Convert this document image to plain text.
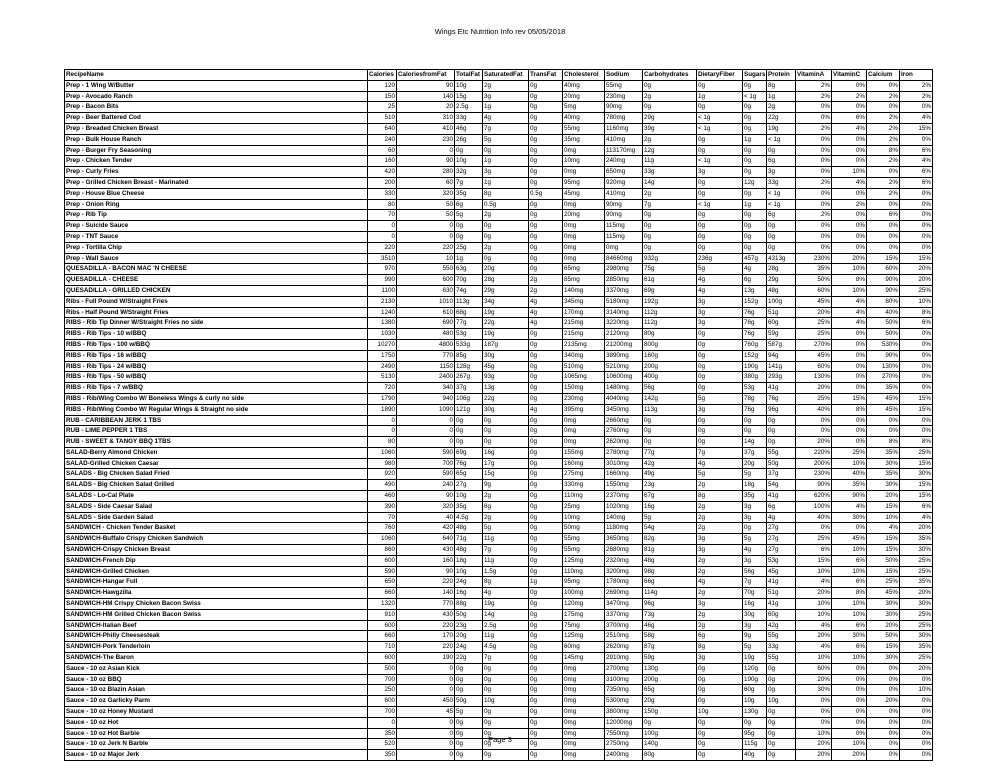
Wings Etc Nutrition Info rev 05/05/2018
RecipeName	Calories	CaloriesfromFat	TotalFat	SaturatedFat	TransFat	Cholesterol	Sodium	Carbohydrates	DietaryFiber	Sugars	Protein	VitaminA	VitaminC	Calcium	Iron
Prep - 1 Wing W/Butter	120	90	10g	2g	0g	40mg	55mg	0g	0g	0g	8g	2%	0%	0%	2%
Prep - Avocado Ranch	150	140	15g	3g	0g	20mg	230mg	2g	1g	< 1g	1g	2%	2%	2%	2%
Prep - Bacon Bits	25	20	2.5g	1g	0g	5mg	90mg	0g	0g	0g	2g	0%	0%	0%	0%
Prep - Beer Battered Cod	510	310	33g	4g	0g	40mg	780mg	29g	< 1g	0g	22g	0%	6%	2%	4%
Prep - Breaded Chicken Breast	640	410	46g	7g	0g	55mg	1160mg	39g	< 1g	0g	19g	2%	4%	2%	15%
Prep - Bulk House Ranch	240	230	26g	5g	0g	35mg	410mg	2g	0g	1g	< 1g	0%	0%	2%	0%
Prep - Burger Fry Seasoning	60	0	0g	0g	0g	0mg	113170mg	12g	0g	0g	0g	0%	0%	8%	6%
Prep - Chicken Tender	160	90	10g	1g	0g	10mg	240mg	11g	< 1g	0g	6g	0%	0%	2%	4%
Prep - Curly Fries	420	280	32g	3g	0g	0mg	650mg	33g	3g	0g	3g	0%	10%	0%	6%
Prep - Grilled Chicken Breast - Marinated	200	60	7g	1g	0g	95mg	920mg	14g	0g	12g	33g	2%	4%	2%	6%
Prep - House Blue Cheese	330	320	35g	8g	0.5g	45mg	410mg	2g	0g	0g	< 1g	0%	0%	2%	0%
Prep - Onion Ring	80	50	6g	0.5g	0g	0mg	90mg	7g	< 1g	1g	< 1g	0%	2%	0%	0%
Prep - Rib Tip	70	50	5g	2g	0g	20mg	90mg	0g	0g	0g	6g	2%	0%	6%	0%
Prep - Suicide Sauce	0	0	0g	0g	0g	0mg	115mg	0g	0g	0g	0g	0%	0%	0%	0%
Prep - TNT Sauce	0	0	0g	0g	0g	0mg	115mg	0g	0g	0g	0g	0%	0%	0%	0%
Prep - Tortilla Chip	220	220	25g	2g	0g	0mg	0mg	0g	0g	0g	0g	0%	0%	0%	0%
Prep - Wall Sauce	3510	10	1g	0g	0g	0mg	84660mg	932g	236g	457g	4313g	230%	20%	15%	15%
QUESADILLA - BACON MAC 'N CHEESE	970	550	63g	20g	0g	65mg	2980mg	75g	5g	4g	28g	35%	10%	60%	20%
QUESADILLA - CHEESE	990	600	70g	28g	2g	85mg	2850mg	61g	4g	6g	29g	50%	8%	90%	20%
QUESADILLA - GRILLED CHICKEN	1100	630	74g	29g	2g	140mg	3370mg	69g	4g	13g	48g	60%	10%	90%	25%
Ribs - Full Pound W/Straight Fries	2130	1010	113g	34g	4g	345mg	5180mg	192g	3g	152g	100g	45%	4%	80%	10%
Ribs - Half Pound W/Straight Fries	1240	610	68g	19g	4g	170mg	3140mg	112g	3g	76g	51g	20%	4%	40%	8%
RIBS - Rib Tip Dinner W/Straight Fries no side	1380	690	77g	22g	4g	215mg	3220mg	112g	3g	76g	60g	25%	4%	50%	6%
RIBS - Rib Tips - 10 w/BBQ	1030	480	53g	19g	0g	215mg	2120mg	80g	0g	76g	59g	25%	0%	50%	0%
RIBS - Rib Tips - 100 w/BBQ	10270	4800	533g	187g	0g	2135mg	21200mg	800g	0g	760g	587g	270%	0%	530%	0%
RIBS - Rib Tips - 16 w/BBQ	1750	770	85g	30g	0g	340mg	3890mg	160g	0g	152g	94g	45%	0%	90%	0%
RIBS - Rib Tips - 24 w/BBQ	2490	1150	128g	45g	0g	510mg	5210mg	200g	0g	190g	141g	60%	0%	130%	0%
RIBS - Rib Tips - 50 w/BBQ	5130	2400	267g	93g	0g	1065mg	10600mg	400g	0g	380g	293g	130%	0%	270%	0%
RIBS - Rib Tips - 7 w/BBQ	720	340	37g	13g	0g	150mg	1480mg	56g	0g	53g	41g	20%	0%	35%	0%
RIBS - Rib/Wing Combo W/ Boneless Wings & curly no side	1790	940	106g	22g	0g	230mg	4040mg	142g	5g	78g	76g	25%	15%	45%	15%
RIBS - Rib/Wing Combo W/ Regular Wings & Straight no side	1890	1090	121g	30g	4g	395mg	3450mg	113g	3g	76g	96g	40%	8%	45%	15%
RUB - CARIBBEAN JERK 1 TBS	0	0	0g	0g	0g	0mg	2660mg	0g	0g	0g	0g	0%	0%	0%	0%
RUB - LIME PEPPER 1 TBS	0	0	0g	0g	0g	0mg	2760mg	0g	0g	0g	0g	0%	0%	0%	0%
RUB - SWEET & TANGY BBQ 1TBS	80	0	0g	0g	0g	0mg	2620mg	0g	0g	14g	0g	20%	0%	8%	8%
SALAD-Berry Almond Chicken	1060	590	69g	16g	0g	155mg	2780mg	77g	7g	37g	55g	220%	25%	35%	25%
SALAD-Grilled Chicken Caesar	980	700	76g	17g	0g	160mg	3010mg	42g	4g	20g	50g	200%	10%	30%	15%
SALADS - Big Chicken Salad Fried	920	590	65g	15g	0g	275mg	1660mg	49g	5g	5g	37g	230%	40%	35%	30%
SALADS - Big Chicken Salad Grilled	490	240	27g	9g	0g	330mg	1550mg	23g	2g	18g	54g	90%	35%	30%	15%
SALADS - Lo-Cal Plate	460	90	10g	2g	0g	110mg	2370mg	67g	8g	35g	41g	620%	90%	20%	15%
SALADS - Side Caesar Salad	390	320	35g	8g	0g	25mg	1020mg	16g	2g	3g	6g	100%	4%	15%	6%
SALADS - Side Garden Salad	70	40	4.5g	2g	0g	10mg	140mg	5g	2g	3g	4g	40%	30%	10%	4%
SANDWICH - Chicken Tender Basket	760	420	48g	5g	0g	50mg	1180mg	54g	2g	0g	27g	0%	0%	4%	20%
SANDWICH-Buffalo Crispy Chicken Sandwich	1060	640	71g	11g	0g	55mg	3650mg	82g	3g	5g	27g	25%	45%	15%	35%
SANDWICH-Crispy Chicken Breast	860	430	48g	7g	0g	55mg	2680mg	81g	3g	4g	27g	6%	10%	15%	30%
SANDWICH-French Dip	600	160	18g	11g	0g	125mg	2320mg	48g	2g	3g	53g	15%	6%	50%	25%
SANDWICH-Grilled Chicken	590	90	10g	1.5g	0g	110mg	3200mg	98g	2g	56g	45g	10%	10%	15%	25%
SANDWICH-Hangar Full	650	220	24g	8g	1g	95mg	1780mg	66g	4g	7g	41g	4%	6%	25%	35%
SANDWICH-Hawgzilla	660	140	16g	4g	0g	100mg	2690mg	114g	2g	70g	51g	20%	8%	45%	20%
SANDWICH-HM Crispy Chicken Bacon Swiss	1320	770	88g	19g	0g	120mg	3470mg	96g	3g	16g	41g	10%	10%	30%	30%
SANDWICH-HM Grilled Chicken Bacon Swiss	910	430	50g	14g	0g	175mg	3370mg	73g	2g	30g	60g	10%	10%	30%	25%
SANDWICH-Italian Beef	600	220	23g	2.5g	0g	75mg	3700mg	46g	2g	3g	42g	4%	6%	20%	25%
SANDWICH-Philly Cheesesteak	660	170	20g	11g	0g	125mg	2510mg	58g	6g	9g	55g	20%	30%	50%	30%
SANDWICH-Pork Tenderloin	710	220	24g	4.5g	0g	60mg	2620mg	87g	8g	5g	33g	4%	6%	15%	35%
SANDWICH-The Baron	600	190	22g	7g	0g	145mg	2910mg	59g	3g	19g	55g	10%	10%	30%	25%
Sauce - 10 oz Asian Kick	500	0	0g	0g	0g	0mg	2700mg	130g	0g	120g	0g	60%	0%	0%	20%
Sauce - 10 oz BBQ	700	0	0g	0g	0g	0mg	3100mg	200g	0g	190g	0g	20%	0%	0%	0%
Sauce - 10 oz Blazin Asian	250	0	0g	0g	0g	0mg	7350mg	65g	0g	60g	0g	30%	0%	0%	10%
Sauce - 10 oz Garlicky Parm	600	450	50g	10g	0g	0mg	5300mg	20g	0g	10g	10g	0%	0%	20%	0%
Sauce - 10 oz Honey Mustard	700	45	5g	0g	0g	0mg	3800mg	150g	10g	130g	0g	0%	0%	0%	0%
Sauce - 10 oz Hot	0	0	0g	0g	0g	0mg	12000mg	0g	0g	0g	0g	0%	0%	0%	0%
Sauce - 10 oz Hot Barbie	350	0	0g	0g	0g	0mg	7550mg	100g	0g	95g	0g	10%	0%	0%	0%
Sauce - 10 oz Jerk N Barble	520	0	0g	0g	0g	0mg	2750mg	140g	0g	115g	0g	20%	10%	0%	0%
Sauce - 10 oz Major Jerk	350	0	0g	0g	0g	0mg	2400mg	80g	0g	40g	0g	20%	20%	0%	0%
Page 3
